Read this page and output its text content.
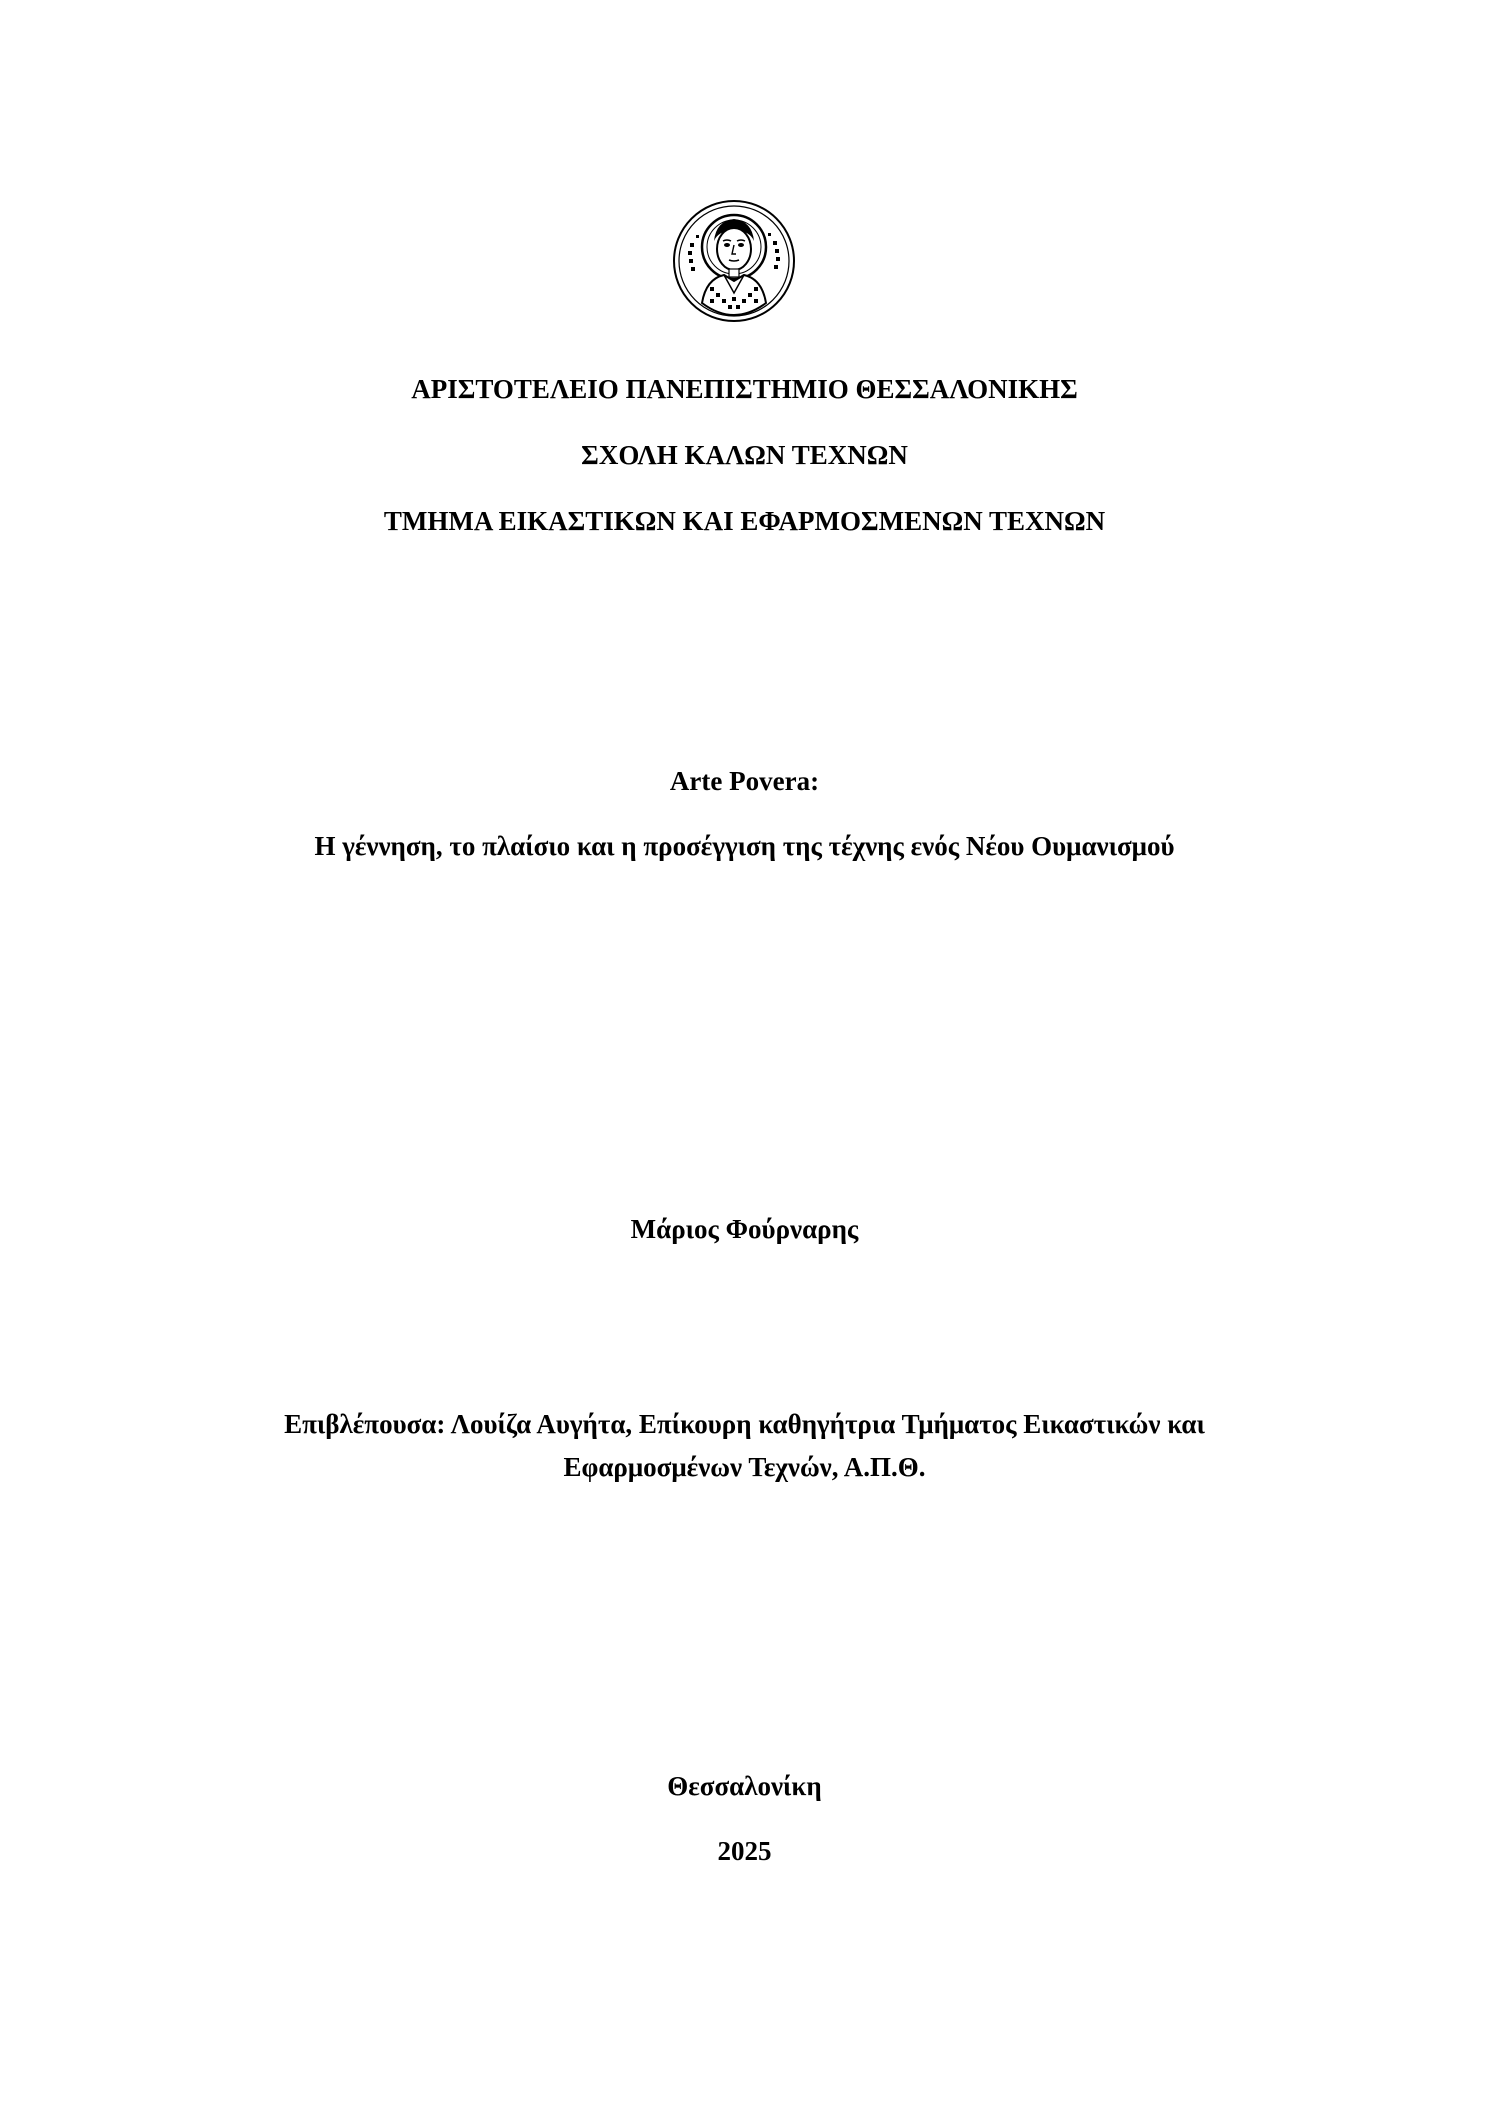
ΑΡΙΣΤΟΤΕΛΕΙΟ ΠΑΝΕΠΙΣΤΗΜΙΟ ΘΕΣΣΑΛΟΝΙΚΗΣ
ΣΧΟΛΗ ΚΑΛΩΝ ΤΕΧΝΩΝ
ΤΜΗΜΑ ΕΙΚΑΣΤΙΚΩΝ ΚΑΙ ΕΦΑΡΜΟΣΜΕΝΩΝ ΤΕΧΝΩΝ
Arte Povera:
Η γέννηση, το πλαίσιο και η προσέγγιση της τέχνης ενός Νέου Ουμανισμού
Μάριος Φούρναρης
Επιβλέπουσα: Λουίζα Αυγήτα, Επίκουρη καθηγήτρια Τμήματος Εικαστικών και
Εφαρμοσμένων Τεχνών, Α.Π.Θ.
Θεσσαλονίκη
2025
